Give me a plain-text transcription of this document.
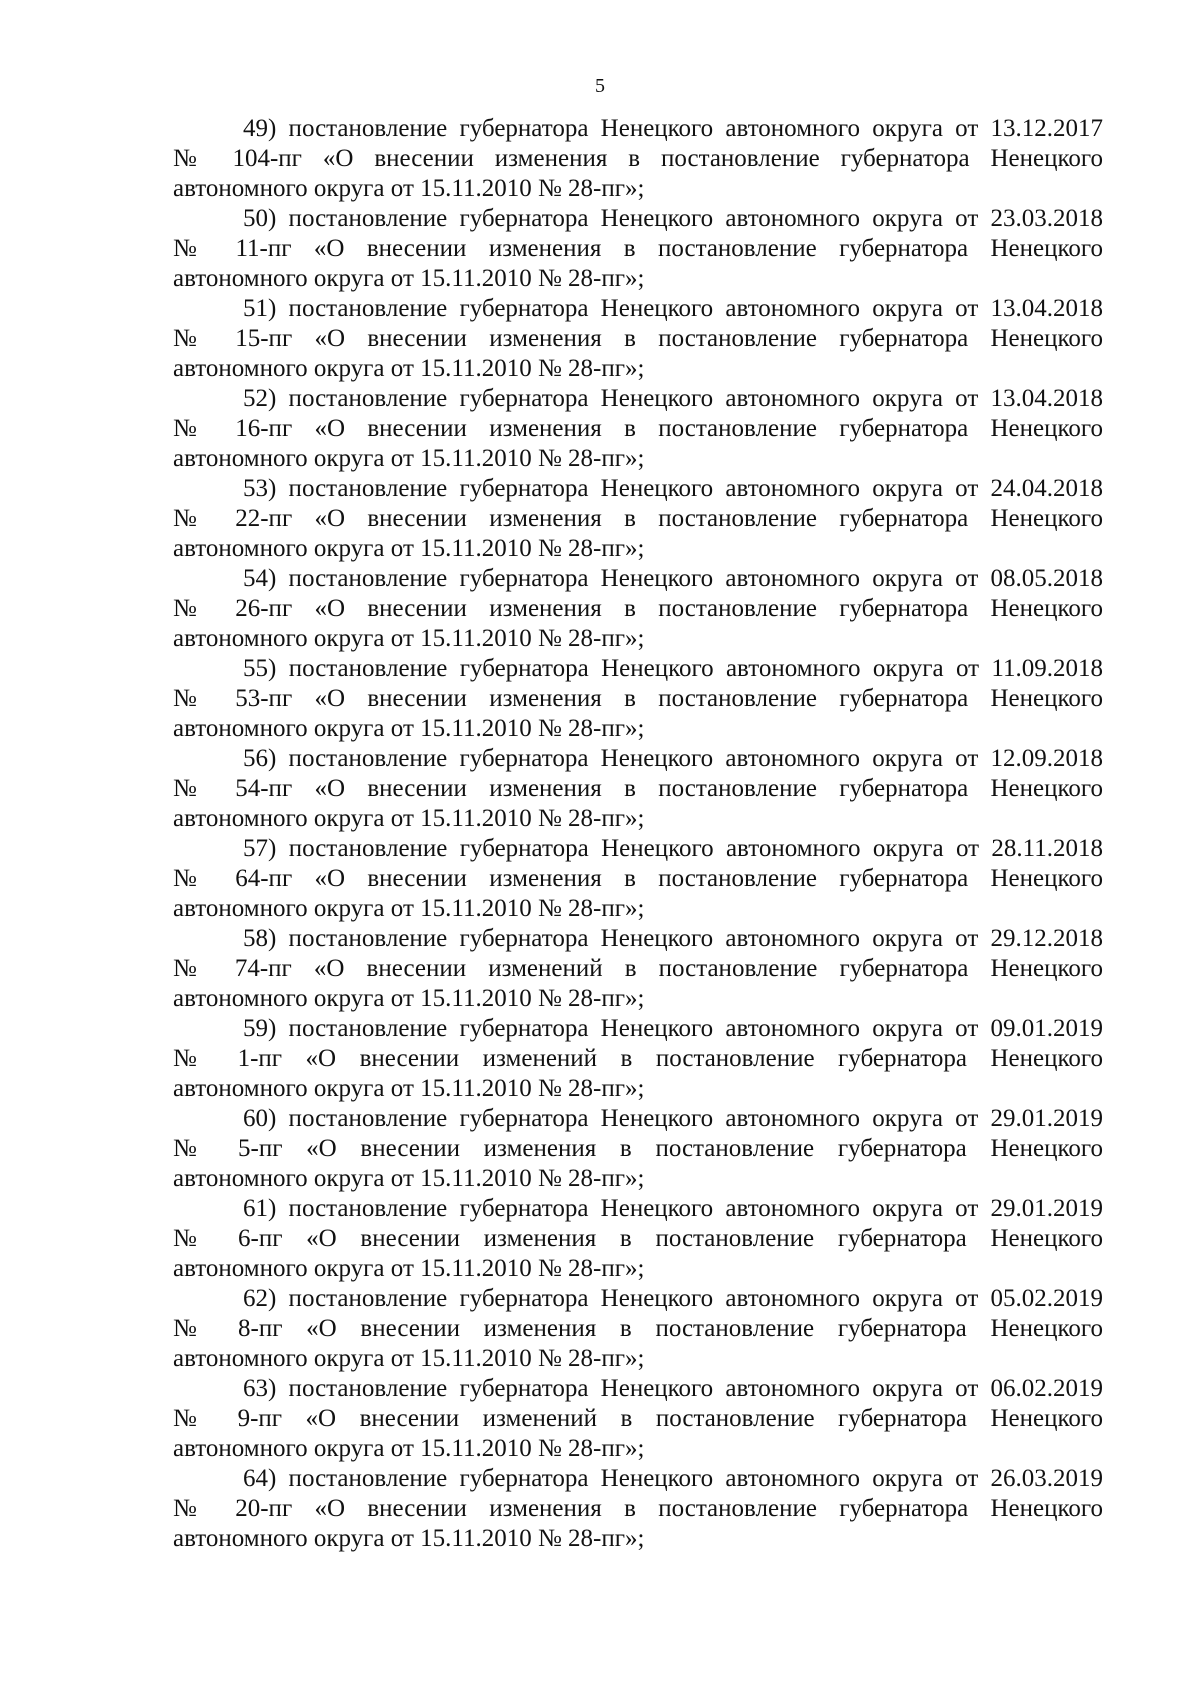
5

49) постановление губернатора Ненецкого автономного округа от 13.12.2017
№ 104-пг «О внесении изменения в постановление губернатора Ненецкого
автономного округа от 15.11.2010 № 28-пг»;

50) постановление губернатора Ненецкого автономного округа от 23.03.2018
№ 11-пг «О внесении изменения в постановление губернатора Ненецкого
автономного округа от 15.11.2010 № 28-пг»;

51) постановление губернатора Ненецкого автономного округа от 13.04.2018
№ 15-пг «О внесении изменения в постановление губернатора Ненецкого
автономного округа от 15.11.2010 № 28-пг»;

52) постановление губернатора Ненецкого автономного округа от 13.04.2018
№ 16-пг «О внесении изменения в постановление губернатора Ненецкого
автономного округа от 15.11.2010 № 28-пг»;

53) постановление губернатора Ненецкого автономного округа от 24.04.2018
№ 22-пг «О внесении изменения в постановление губернатора Ненецкого
автономного округа от 15.11.2010 № 28-пг»;

54) постановление губернатора Ненецкого автономного округа от 08.05.2018
№ 26-пг «О внесении изменения в постановление губернатора Ненецкого
автономного округа от 15.11.2010 № 28-пг»;

55) постановление губернатора Ненецкого автономного округа от 11.09.2018
№ 53-пг «О внесении изменения в постановление губернатора Ненецкого
автономного округа от 15.11.2010 № 28-пг»;

56) постановление губернатора Ненецкого автономного округа от 12.09.2018
№ 54-пг «О внесении изменения в постановление губернатора Ненецкого
автономного округа от 15.11.2010 № 28-пг»;

57) постановление губернатора Ненецкого автономного округа от 28.11.2018
№ 64-пг «О внесении изменения в постановление губернатора Ненецкого
автономного округа от 15.11.2010 № 28-пг»;

58) постановление губернатора Ненецкого автономного округа от 29.12.2018
№ 74-пг «О внесении изменений в постановление губернатора Ненецкого
автономного округа от 15.11.2010 № 28-пг»;

59) постановление губернатора Ненецкого автономного округа от 09.01.2019
№ 1-пг «О внесении изменений в постановление губернатора Ненецкого
автономного округа от 15.11.2010 № 28-пг»;

60) постановление губернатора Ненецкого автономного округа от 29.01.2019
№ 5-пг «О внесении изменения в постановление губернатора Ненецкого
автономного округа от 15.11.2010 № 28-пг»;

61) постановление губернатора Ненецкого автономного округа от 29.01.2019
№ 6-пг «О внесении изменения в постановление губернатора Ненецкого
автономного округа от 15.11.2010 № 28-пг»;

62) постановление губернатора Ненецкого автономного округа от 05.02.2019
№ 8-пг «О внесении изменения в постановление губернатора Ненецкого
автономного округа от 15.11.2010 № 28-пг»;

63) постановление губернатора Ненецкого автономного округа от 06.02.2019
№ 9-пг «О внесении изменений в постановление губернатора Ненецкого
автономного округа от 15.11.2010 № 28-пг»;

64) постановление губернатора Ненецкого автономного округа от 26.03.2019
№ 20-пг «О внесении изменения в постановление губернатора Ненецкого
автономного округа от 15.11.2010 № 28-пг»;
